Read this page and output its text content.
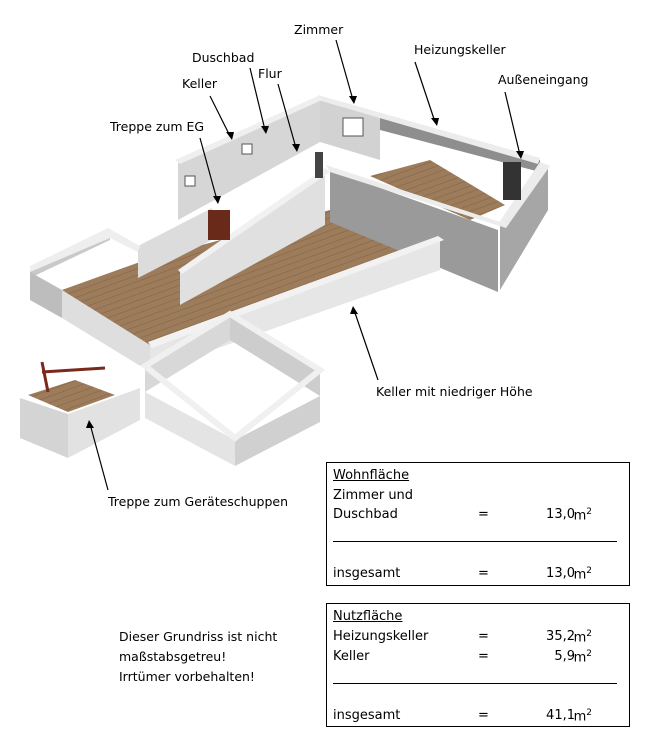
Zimmer
Duschbad
Heizungskeller
Keller
Flur	Außeneingang
Treppe zum EG
Keller mit niedriger Höhe
Treppe zum Geräteschuppen
Wohnfläche
Zimmer und
Duschbad	=	13,0
$m^2$
insgesamt	=	13,0
$m^2$
Nutzfläche
Heizungskeller	=	35,2
$m^2$
Keller	=	5,9
$m^2$
insgesamt	=	41,1
$m^2$
Dieser Grundriss ist nicht
maßstabsgetreu!
Irrtümer vorbehalten!
